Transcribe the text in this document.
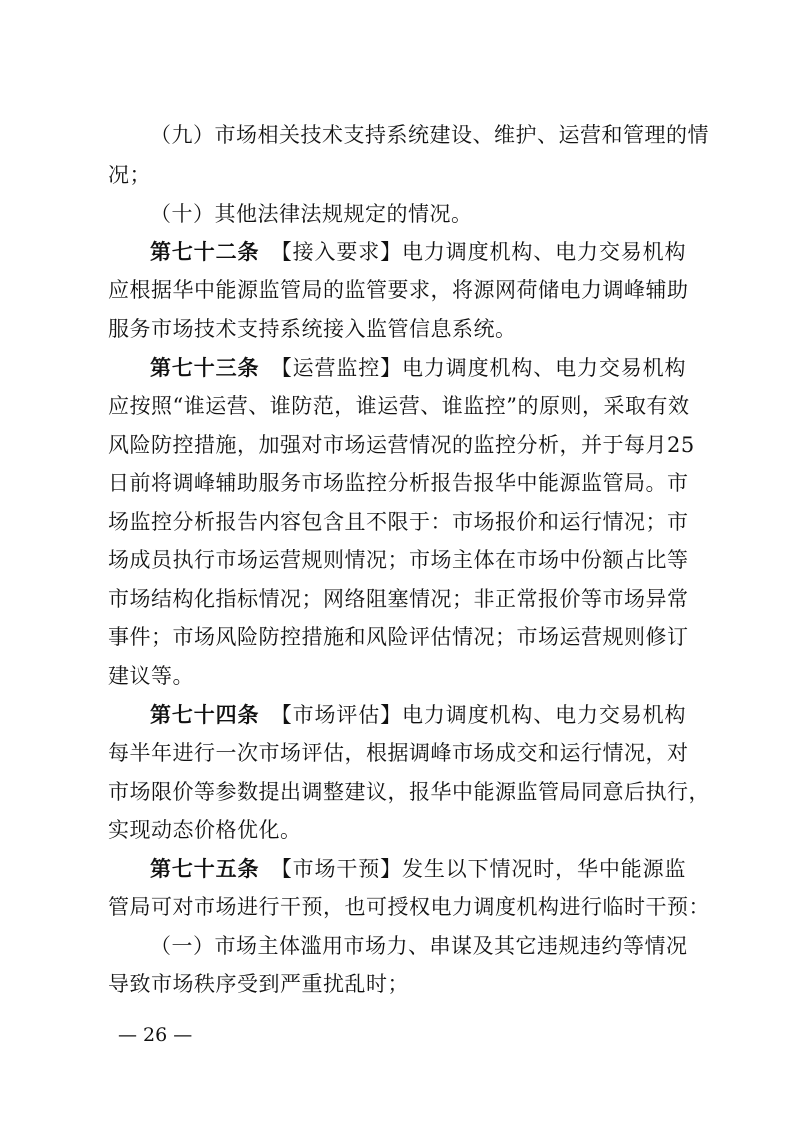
（九）市场相关技术支持系统建设、维护、运营和管理的情
况；
（十）其他法律法规规定的情况。
第七十二条　【接入要求】电力调度机构、电力交易机构
应根据华中能源监管局的监管要求，将源网荷储电力调峰辅助
服务市场技术支持系统接入监管信息系统。
第七十三条　【运营监控】电力调度机构、电力交易机构
应按照“谁运营、谁防范，谁运营、谁监控”的原则，采取有效
风险防控措施，加强对市场运营情况的监控分析，并于每月25
日前将调峰辅助服务市场监控分析报告报华中能源监管局。市
场监控分析报告内容包含且不限于：市场报价和运行情况；市
场成员执行市场运营规则情况；市场主体在市场中份额占比等
市场结构化指标情况；网络阻塞情况；非正常报价等市场异常
事件；市场风险防控措施和风险评估情况；市场运营规则修订
建议等。
第七十四条　【市场评估】电力调度机构、电力交易机构
每半年进行一次市场评估，根据调峰市场成交和运行情况，对
市场限价等参数提出调整建议，报华中能源监管局同意后执行，
实现动态价格优化。
第七十五条　【市场干预】发生以下情况时，华中能源监
管局可对市场进行干预，也可授权电力调度机构进行临时干预：
（一）市场主体滥用市场力、串谋及其它违规违约等情况
导致市场秩序受到严重扰乱时；
— 26 —
